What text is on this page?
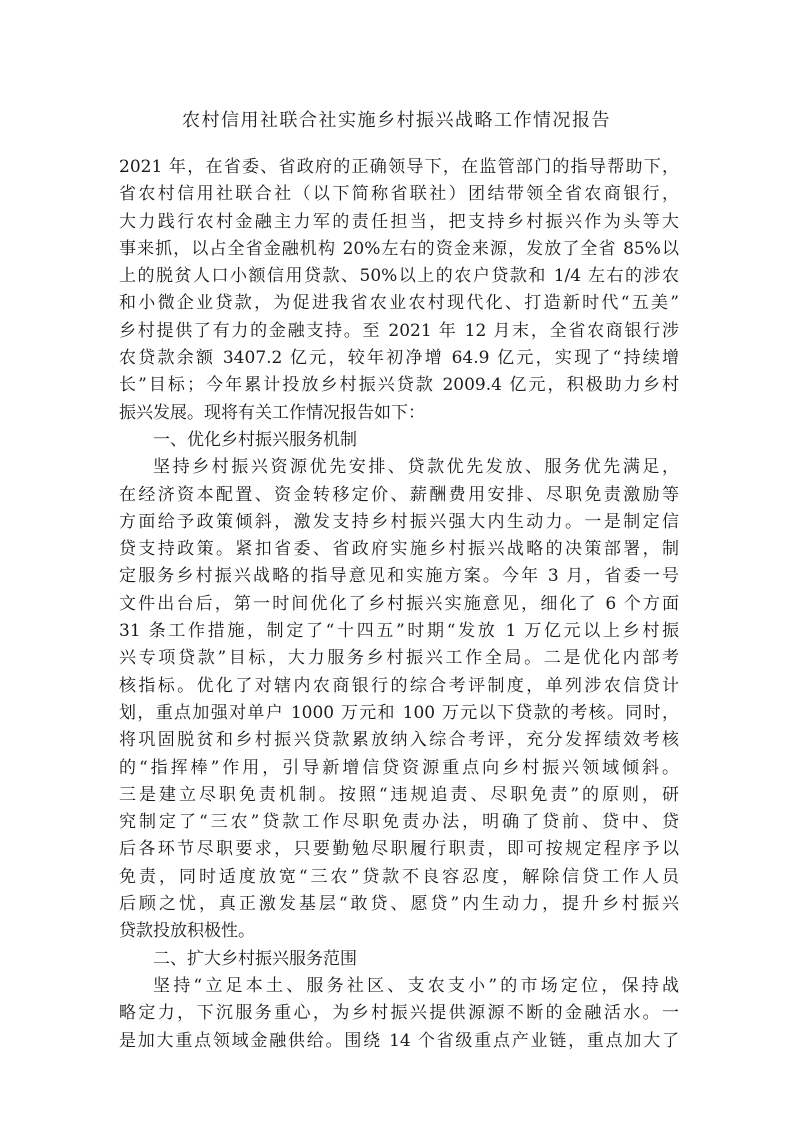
农村信用社联合社实施乡村振兴战略工作情况报告
2021 年，在省委、省政府的正确领导下，在监管部门的指导帮助下，
省农村信用社联合社（以下简称省联社）团结带领全省农商银行，
大力践行农村金融主力军的责任担当，把支持乡村振兴作为头等大
事来抓，以占全省金融机构 20%左右的资金来源，发放了全省 85%以
上的脱贫人口小额信用贷款、50%以上的农户贷款和 1/4 左右的涉农
和小微企业贷款，为促进我省农业农村现代化、打造新时代“五美”
乡村提供了有力的金融支持。至 2021 年 12 月末，全省农商银行涉
农贷款余额 3407.2 亿元，较年初净增 64.9 亿元，实现了“持续增
长”目标；今年累计投放乡村振兴贷款 2009.4 亿元，积极助力乡村
振兴发展。现将有关工作情况报告如下：
一、优化乡村振兴服务机制
坚持乡村振兴资源优先安排、贷款优先发放、服务优先满足，
在经济资本配置、资金转移定价、薪酬费用安排、尽职免责激励等
方面给予政策倾斜，激发支持乡村振兴强大内生动力。一是制定信
贷支持政策。紧扣省委、省政府实施乡村振兴战略的决策部署，制
定服务乡村振兴战略的指导意见和实施方案。今年 3 月，省委一号
文件出台后，第一时间优化了乡村振兴实施意见，细化了 6 个方面
31 条工作措施，制定了“十四五”时期“发放 1 万亿元以上乡村振
兴专项贷款”目标，大力服务乡村振兴工作全局。二是优化内部考
核指标。优化了对辖内农商银行的综合考评制度，单列涉农信贷计
划，重点加强对单户 1000 万元和 100 万元以下贷款的考核。同时，
将巩固脱贫和乡村振兴贷款累放纳入综合考评，充分发挥绩效考核
的“指挥棒”作用，引导新增信贷资源重点向乡村振兴领域倾斜。
三是建立尽职免责机制。按照“违规追责、尽职免责”的原则，研
究制定了“三农”贷款工作尽职免责办法，明确了贷前、贷中、贷
后各环节尽职要求，只要勤勉尽职履行职责，即可按规定程序予以
免责，同时适度放宽“三农”贷款不良容忍度，解除信贷工作人员
后顾之忧，真正激发基层“敢贷、愿贷”内生动力，提升乡村振兴
贷款投放积极性。
二、扩大乡村振兴服务范围
坚持“立足本土、服务社区、支农支小”的市场定位，保持战
略定力，下沉服务重心，为乡村振兴提供源源不断的金融活水。一
是加大重点领域金融供给。围绕 14 个省级重点产业链，重点加大了
